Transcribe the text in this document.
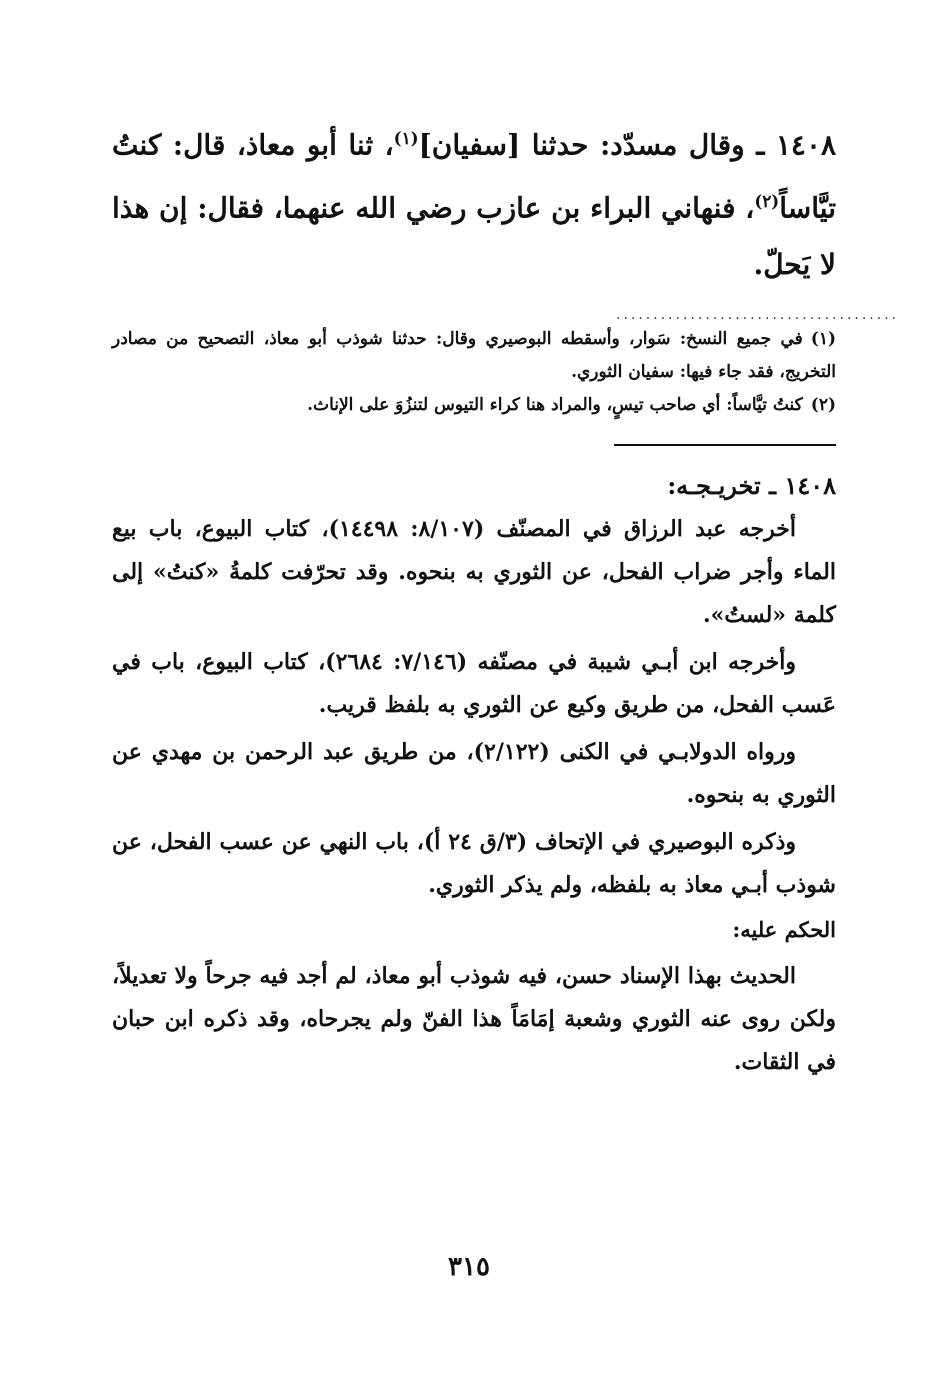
١٤٠٨ ـ وقال مسدّد: حدثنا [سفيان]$^{(١)}$، ثنا أبو معاذ، قال: كنتُ تيَّاساً$^{(٢)}$، فنهاني البراء بن عازب رضي الله عنهما، فقال: إن هذا لا يَحلّ.

......................................

(١)في جميع النسخ: سَوار، وأسقطه البوصيري وقال: حدثنا شوذب أبو معاذ، التصحيح من مصادر التخريج، فقد جاء فيها: سفيان الثوري.

(٢)كنتُ تيَّاساً: أي صاحب تيسٍ، والمراد هنا كراء التيوس لتنزُوَ على الإناث.

١٤٠٨ ـ تخريـجـه:

أخرجه عبد الرزاق في المصنّف (٨/١٠٧: ١٤٤٩٨)، كتاب البيوع، باب بيع الماء وأجر ضراب الفحل، عن الثوري به بنحوه. وقد تحرّفت كلمةُ «كنتُ» إلى كلمة «لستُ».

وأخرجه ابن أبـي شيبة في مصنّفه (٧/١٤٦: ٢٦٨٤)، كتاب البيوع، باب في عَسب الفحل، من طريق وكيع عن الثوري به بلفظ قريب.

ورواه الدولابـي في الكنى (٢/١٢٢)، من طريق عبد الرحمن بن مهدي عن الثوري به بنحوه.

وذكره البوصيري في الإتحاف (٣/ق ٢٤ أ)، باب النهي عن عسب الفحل، عن شوذب أبـي معاذ به بلفظه، ولم يذكر الثوري.

الحكم عليه:

الحديث بهذا الإسناد حسن، فيه شوذب أبو معاذ، لم أجد فيه جرحاً ولا تعديلاً، ولكن روى عنه الثوري وشعبة إمَامَاً هذا الفنّ ولم يجرحاه، وقد ذكره ابن حبان في الثقات.

٣١٥
